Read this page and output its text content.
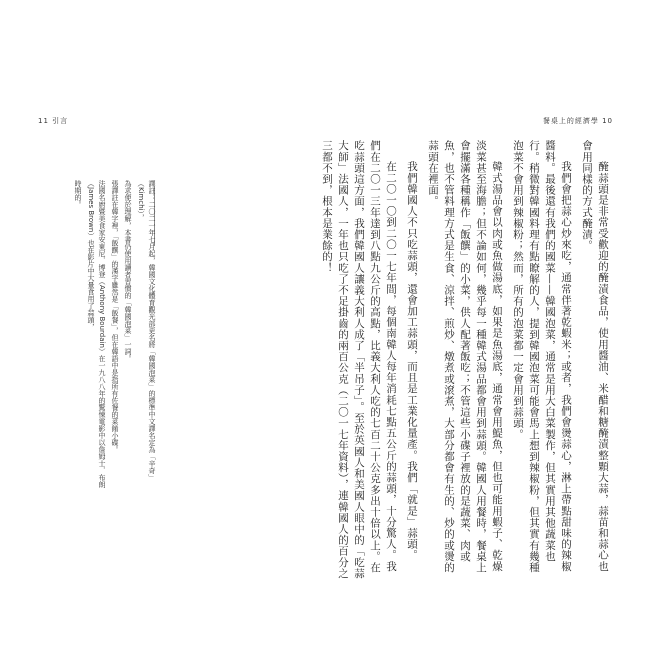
11 引言	餐桌上的經濟學 10

醃蒜頭是非常受歡迎的醃漬食品，使用醬油、米醋和糖醃漬整顆大蒜，蒜苗和蒜心也會用同樣的方式醃漬。

我們會把蒜心炒來吃，通常伴著乾蝦米；或者，我們會燙蒜心，淋上帶點甜味的辣椒醬料。最後還有我們的國菜——韓國泡菜，通常是用大白菜製作，但其實用其他蔬菜也行。稍微對韓國料理有點瞭解的人，提到韓國泡菜可能會馬上想到辣椒粉，但其實有幾種泡菜不會用到辣椒粉；然而，所有的泡菜都一定會用到蒜頭。

韓式湯品會以肉或魚做湯底，如果是魚湯底，通常會用鯷魚，但也可能用蝦子、乾燥淡菜甚至海膽；但不論如何，幾乎每一種韓式湯品都會用到蒜頭。韓國人用餐時，餐桌上會擺滿各種稱作「飯饌」的小菜，供人配著飯吃；不管這些小碟子裡放的是蔬菜、肉或魚，也不管料理方式是生食、涼拌、煎炒、燉煮或滾煮，大部分都會有生的、炒的或燙的蒜頭在裡面。

我們韓國人不只吃蒜頭，還會加工蒜頭，而且是工業化量產。我們「就是」蒜頭。

在二〇一〇到二〇一七年間，每個南韓人每年消耗七點五公斤的蒜頭，十分驚人。我們在二〇一三年達到八點九公斤的高點，比義大利人吃的七百二十公克多出十倍以上。在吃蒜頭這方面，我們韓國人讓義大利人成了「半吊子」。至於英國人和美國人眼中的「吃蒜大師」法國人，一年也只吃了不足掛齒的兩百公克（二〇一七年資料），連韓國人的百分之三都不到，根本是業餘的！

譯註：二〇二一年七月起，韓國文化體育觀光部更名將「韓國泡菜」的標準中文譯名定為「辛奇」（Kimchi），

為求便於理解，本書仍使用讀者習慣的「韓國泡菜」一詞。

張譯註在韓字裡，「飯饌」的漢字雖然是「飯餐」，但在韓語中是指所有佐餐的菜餚小碟。

法國名廚暨美食家安東尼．博登（Anthony Bourdain）在一九八八年的驚悚電影中以詹姆士．布朗（James Brown）也在影片中大量食用了蒜頭，

時期的。
